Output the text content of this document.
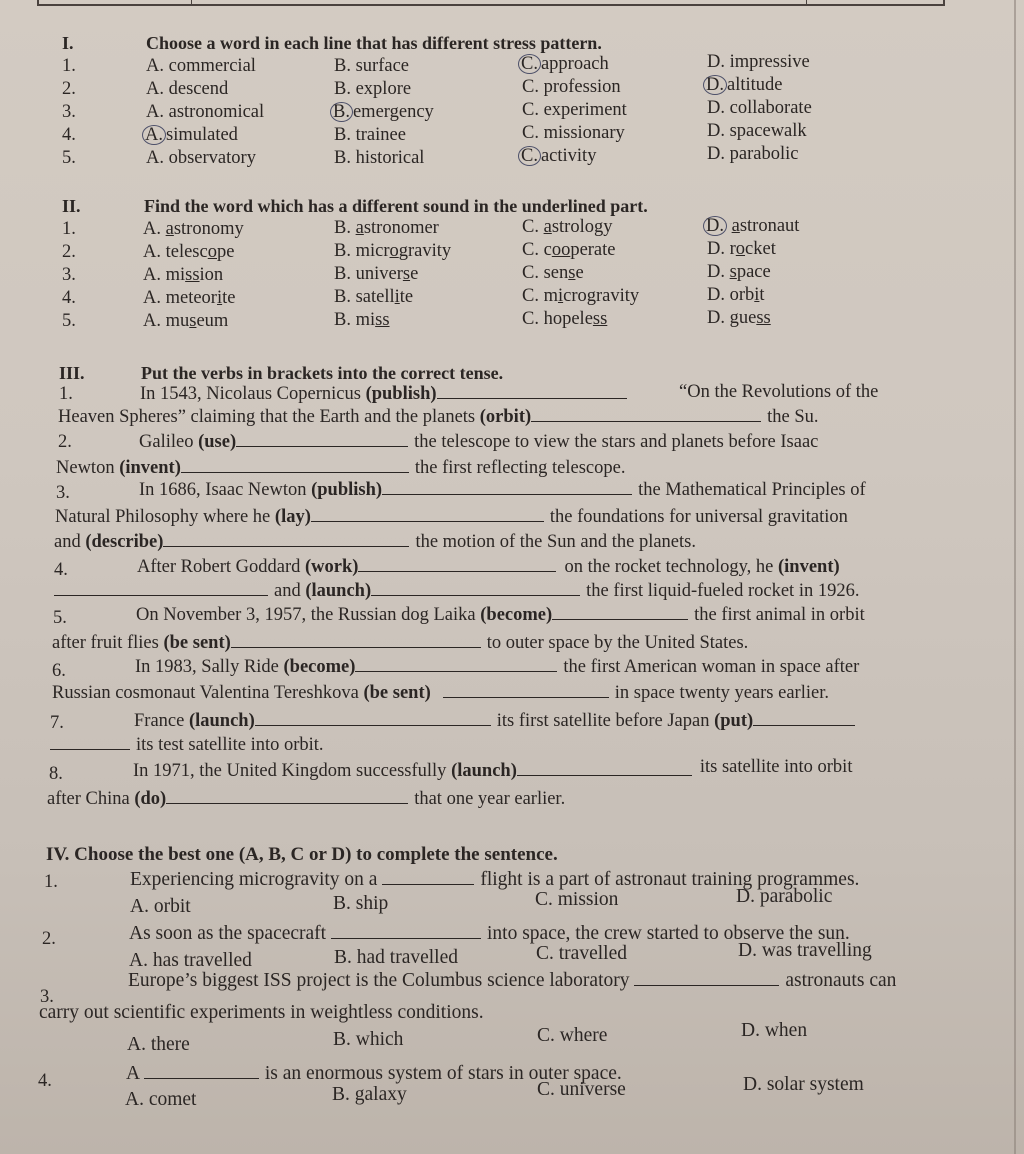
I.	Choose a word in each line that has different stress pattern.
1.	A. commercial	B. surface	C. approach	D. impressive
2.	A. descend	B. explore	C. profession	D. altitude
3.	A. astronomical	B. emergency	C. experiment	D. collaborate
4.	A. simulated	B. trainee	C. missionary	D. spacewalk
5.	A. observatory	B. historical	C. activity	D. parabolic
II.	Find the word which has a different sound in the underlined part.
1.	A. astronomy	B. astronomer	C. astrology	D. astronaut
2.	A. telescope	B. microgravity	C. cooperate	D. rocket
3.	A. mission	B. universe	C. sense	D. space
4.	A. meteorite	B. satellite	C. microgravity	D. orbit
5.	A. museum	B. miss	C. hopeless	D. guess
III.	Put the verbs in brackets into the correct tense.
1.	In 1543, Nicolaus Copernicus (publish)	“On the Revolutions of the
Heaven Spheres” claiming that the Earth and the planets (orbit)	the Su.
2.	Galileo (use)	the telescope to view the stars and planets before Isaac
Newton (invent)	the first reflecting telescope.
3.	In 1686, Isaac Newton (publish)	the Mathematical Principles of
Natural Philosophy where he (lay)	the foundations for universal gravitation
and (describe)	the motion of the Sun and the planets.
4.	After Robert Goddard (work)	on the rocket technology, he (invent)
and (launch)	the first liquid-fueled rocket in 1926.
5.	On November 3, 1957, the Russian dog Laika (become)	the first animal in orbit
after fruit flies (be sent)	to outer space by the United States.
6.	In 1983, Sally Ride (become)	the first American woman in space after
Russian cosmonaut Valentina Tereshkova (be sent)	in space twenty years earlier.
7.	France (launch)	its first satellite before Japan (put)
its test satellite into orbit.
8.	In 1971, the United Kingdom successfully (launch)	its satellite into orbit
after China (do)	that one year earlier.
IV. Choose the best one (A, B, C or D) to complete the sentence.
1.	Experiencing microgravity on a	flight is a part of astronaut training programmes.
A. orbit	B. ship	C. mission	D. parabolic
2.	As soon as the spacecraft	into space, the crew started to observe the sun.
A. has travelled	B. had travelled	C. travelled	D. was travelling
3.
Europe’s biggest ISS project is the Columbus science laboratory	astronauts can
carry out scientific experiments in weightless conditions.
A. there	B. which	C. where	D. when
4.	A	is an enormous system of stars in outer space.
A. comet	B. galaxy	C. universe	D. solar system
